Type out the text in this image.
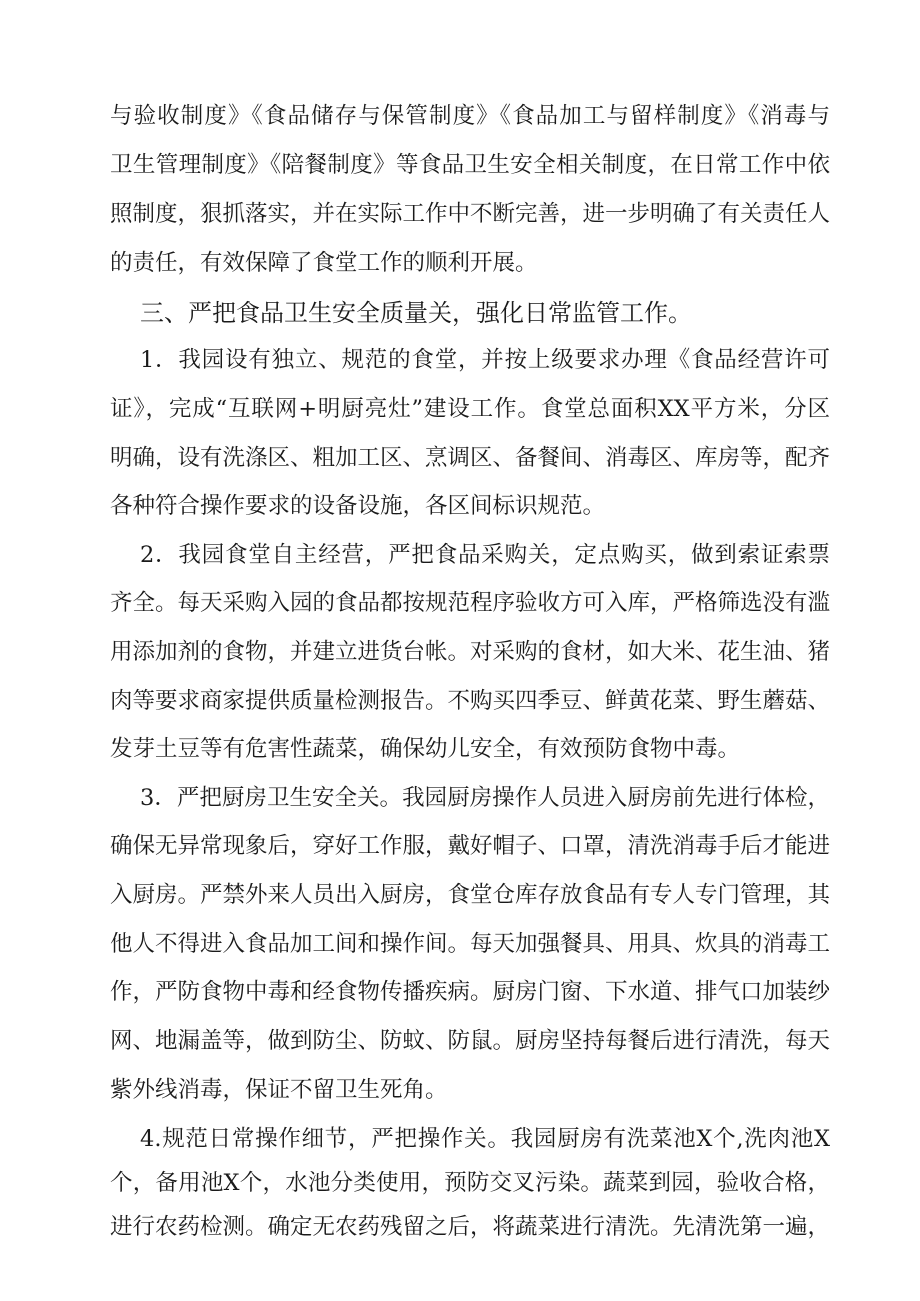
与验收制度》《食品储存与保管制度》《食品加工与留样制度》《消毒与
卫生管理制度》《陪餐制度》等食品卫生安全相关制度，在日常工作中依
照制度，狠抓落实，并在实际工作中不断完善，进一步明确了有关责任人
的责任，有效保障了食堂工作的顺利开展。
三、严把食品卫生安全质量关，强化日常监管工作。
1．我园设有独立、规范的食堂，并按上级要求办理《食品经营许可
证》，完成“互联网+明厨亮灶”建设工作。食堂总面积XX平方米，分区
明确，设有洗涤区、粗加工区、烹调区、备餐间、消毒区、库房等，配齐
各种符合操作要求的设备设施，各区间标识规范。
2．我园食堂自主经营，严把食品采购关，定点购买，做到索证索票
齐全。每天采购入园的食品都按规范程序验收方可入库，严格筛选没有滥
用添加剂的食物，并建立进货台帐。对采购的食材，如大米、花生油、猪
肉等要求商家提供质量检测报告。不购买四季豆、鲜黄花菜、野生蘑菇、
发芽土豆等有危害性蔬菜，确保幼儿安全，有效预防食物中毒。
3．严把厨房卫生安全关。我园厨房操作人员进入厨房前先进行体检，
确保无异常现象后，穿好工作服，戴好帽子、口罩，清洗消毒手后才能进
入厨房。严禁外来人员出入厨房，食堂仓库存放食品有专人专门管理，其
他人不得进入食品加工间和操作间。每天加强餐具、用具、炊具的消毒工
作，严防食物中毒和经食物传播疾病。厨房门窗、下水道、排气口加装纱
网、地漏盖等，做到防尘、防蚊、防鼠。厨房坚持每餐后进行清洗，每天
紫外线消毒，保证不留卫生死角。
4.规范日常操作细节，严把操作关。我园厨房有洗菜池X个,洗肉池X
个，备用池X个，水池分类使用，预防交叉污染。蔬菜到园，验收合格，
进行农药检测。确定无农药残留之后，将蔬菜进行清洗。先清洗第一遍，
